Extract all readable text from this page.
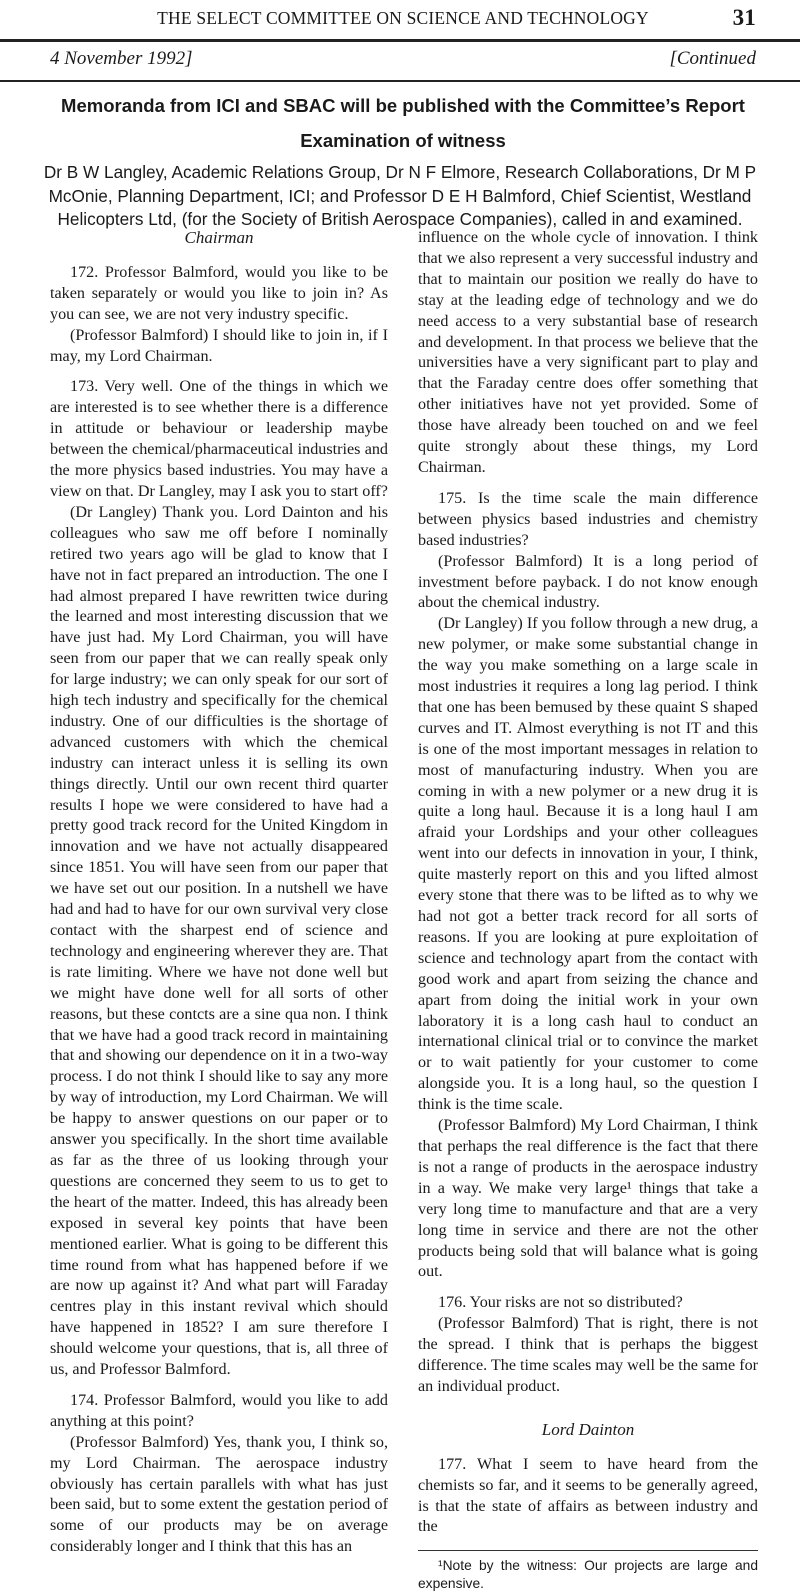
THE SELECT COMMITTEE ON SCIENCE AND TECHNOLOGY	31
4 November 1992]	[Continued
Memoranda from ICI and SBAC will be published with the Committee’s Report
Examination of witness
Dr B W Langley, Academic Relations Group, Dr N F Elmore, Research Collaborations, Dr M P McOnie, Planning Department, ICI; and Professor D E H Balmford, Chief Scientist, Westland Helicopters Ltd, (for the Society of British Aerospace Companies), called in and examined.
Chairman

172. Professor Balmford, would you like to be taken separately or would you like to join in? As you can see, we are not very industry specific.

(Professor Balmford) I should like to join in, if I may, my Lord Chairman.

173. Very well. One of the things in which we are interested is to see whether there is a difference in attitude or behaviour or leadership maybe between the chemical/pharmaceutical industries and the more physics based industries. You may have a view on that. Dr Langley, may I ask you to start off?

(Dr Langley) Thank you. Lord Dainton and his colleagues who saw me off before I nominally retired two years ago will be glad to know that I have not in fact prepared an introduction. The one I had almost prepared I have rewritten twice during the learned and most interesting discussion that we have just had. My Lord Chairman, you will have seen from our paper that we can really speak only for large industry; we can only speak for our sort of high tech industry and specifically for the chemical industry. One of our difficulties is the shortage of advanced customers with which the chemical industry can interact unless it is selling its own things directly. Until our own recent third quarter results I hope we were considered to have had a pretty good track record for the United Kingdom in innovation and we have not actually disappeared since 1851. You will have seen from our paper that we have set out our position. In a nutshell we have had and had to have for our own survival very close contact with the sharpest end of science and technology and engineering wherever they are. That is rate limiting. Where we have not done well but we might have done well for all sorts of other reasons, but these contcts are a sine qua non. I think that we have had a good track record in maintaining that and showing our dependence on it in a two-way process. I do not think I should like to say any more by way of introduction, my Lord Chairman. We will be happy to answer questions on our paper or to answer you specifically. In the short time available as far as the three of us looking through your questions are concerned they seem to us to get to the heart of the matter. Indeed, this has already been exposed in several key points that have been mentioned earlier. What is going to be different this time round from what has happened before if we are now up against it? And what part will Faraday centres play in this instant revival which should have happened in 1852? I am sure therefore I should welcome your questions, that is, all three of us, and Professor Balmford.

174. Professor Balmford, would you like to add anything at this point?

(Professor Balmford) Yes, thank you, I think so, my Lord Chairman. The aerospace industry obviously has certain parallels with what has just been said, but to some extent the gestation period of some of our products may be on average considerably longer and I think that this has an

influence on the whole cycle of innovation. I think that we also represent a very successful industry and that to maintain our position we really do have to stay at the leading edge of technology and we do need access to a very substantial base of research and development. In that process we believe that the universities have a very significant part to play and that the Faraday centre does offer something that other initiatives have not yet provided. Some of those have already been touched on and we feel quite strongly about these things, my Lord Chairman.

175. Is the time scale the main difference between physics based industries and chemistry based industries?

(Professor Balmford) It is a long period of investment before payback. I do not know enough about the chemical industry.

(Dr Langley) If you follow through a new drug, a new polymer, or make some substantial change in the way you make something on a large scale in most industries it requires a long lag period. I think that one has been bemused by these quaint S shaped curves and IT. Almost everything is not IT and this is one of the most important messages in relation to most of manufacturing industry. When you are coming in with a new polymer or a new drug it is quite a long haul. Because it is a long haul I am afraid your Lordships and your other colleagues went into our defects in innovation in your, I think, quite masterly report on this and you lifted almost every stone that there was to be lifted as to why we had not got a better track record for all sorts of reasons. If you are looking at pure exploitation of science and technology apart from the contact with good work and apart from seizing the chance and apart from doing the initial work in your own laboratory it is a long cash haul to conduct an international clinical trial or to convince the market or to wait patiently for your customer to come alongside you. It is a long haul, so the question I think is the time scale.

(Professor Balmford) My Lord Chairman, I think that perhaps the real difference is the fact that there is not a range of products in the aerospace industry in a way. We make very large¹ things that take a very long time to manufacture and that are a very long time in service and there are not the other products being sold that will balance what is going out.

176. Your risks are not so distributed?

(Professor Balmford) That is right, there is not the spread. I think that is perhaps the biggest difference. The time scales may well be the same for an individual product.

Lord Dainton

177. What I seem to have heard from the chemists so far, and it seems to be generally agreed, is that the state of affairs as between industry and the

¹Note by the witness: Our projects are large and expensive.
